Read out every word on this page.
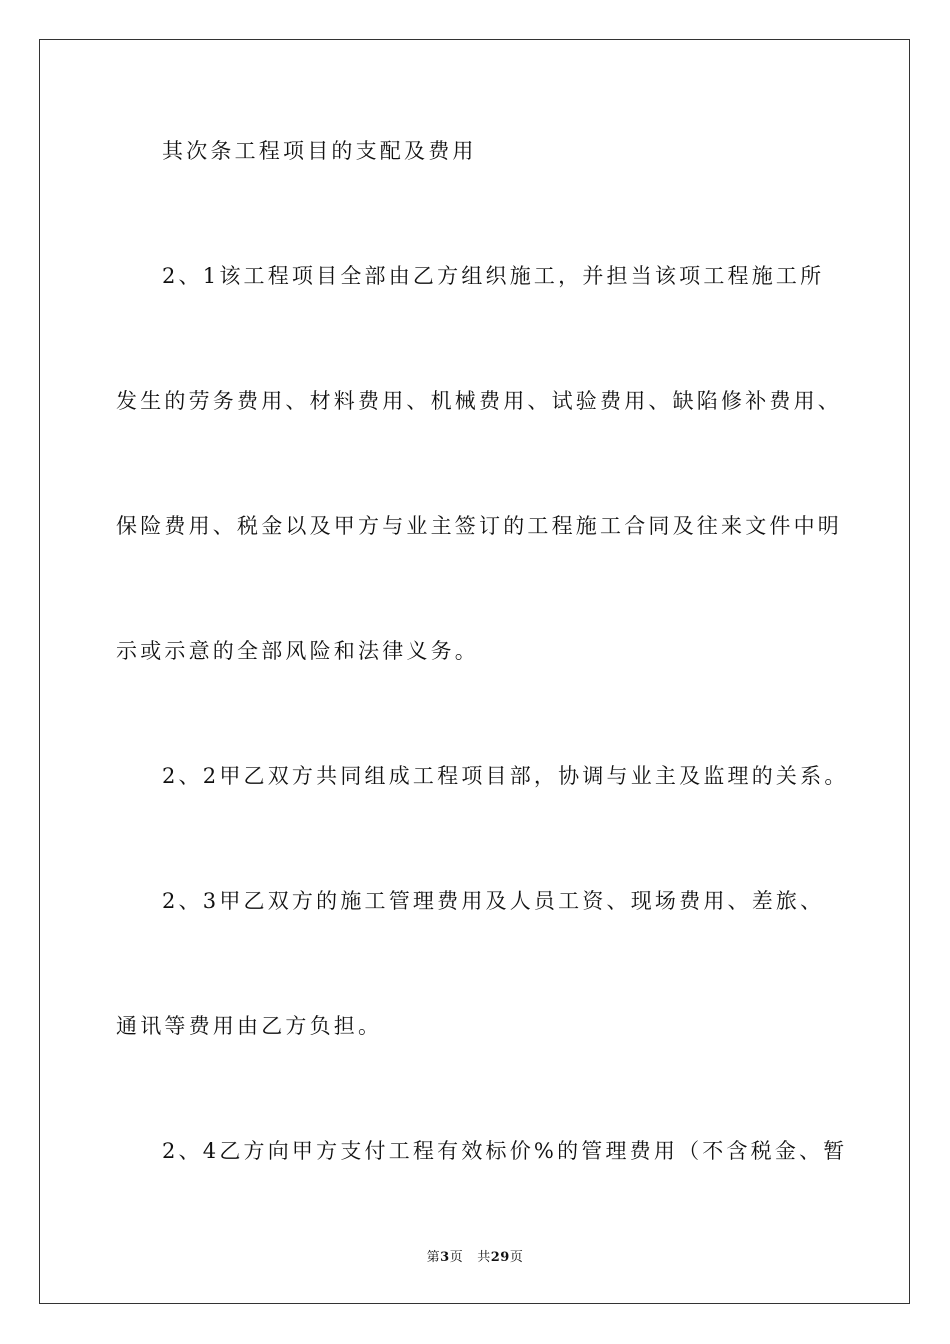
其次条工程项目的支配及费用
2、1该工程项目全部由乙方组织施工，并担当该项工程施工所
发生的劳务费用、材料费用、机械费用、试验费用、缺陷修补费用、
保险费用、税金以及甲方与业主签订的工程施工合同及往来文件中明
示或示意的全部风险和法律义务。
2、2甲乙双方共同组成工程项目部，协调与业主及监理的关系。
2、3甲乙双方的施工管理费用及人员工资、现场费用、差旅、
通讯等费用由乙方负担。
2、4乙方向甲方支付工程有效标价%的管理费用（不含税金、暂
第3页 共29页
